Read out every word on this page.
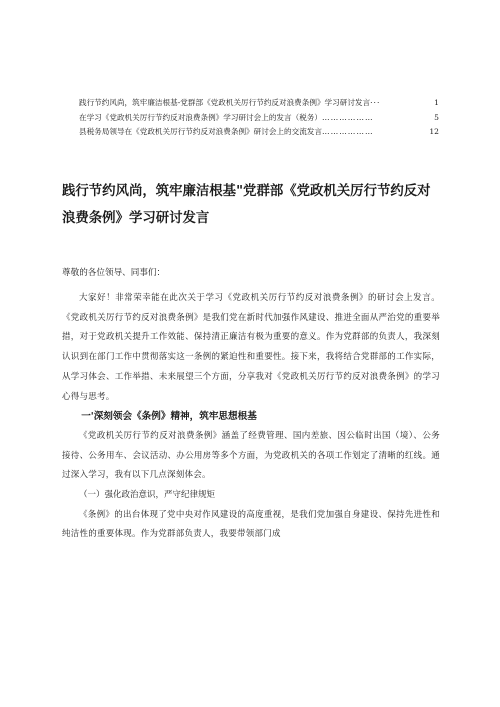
践行节约风尚，筑牢廉洁根基-党群部《党政机关厉行节约反对浪费条例》学习研讨发言 ···	1
在学习《党政机关厉行节约反对浪费条例》学习研讨会上的发言（税务） ………………	5
县税务局领导在《党政机关厉行节约反对浪费条例》研讨会上的交流发言 ………………	12
践行节约风尚，筑牢廉洁根基"党群部《党政机关厉行节约反对浪费条例》学习研讨发言
尊敬的各位领导、同事们：

大家好！非常荣幸能在此次关于学习《党政机关厉行节约反对浪费条例》的研讨会上发言。《党政机关厉行节约反对浪费条例》是我们党在新时代加强作风建设、推进全面从严治党的重要举措，对于党政机关提升工作效能、保持清正廉洁有极为重要的意义。作为党群部的负责人，我深刻认识到在部门工作中贯彻落实这一条例的紧迫性和重要性。接下来，我将结合党群部的工作实际，从学习体会、工作举措、未来展望三个方面，分享我对《党政机关厉行节约反对浪费条例》的学习心得与思考。

一'深刻领会《条例》精神，筑牢思想根基

《党政机关厉行节约反对浪费条例》涵盖了经费管理、国内差旅、因公临时出国（境）、公务接待、公务用车、会议活动、办公用房等多个方面，为党政机关的各项工作划定了清晰的红线。通过深入学习，我有以下几点深刻体会。

（一）强化政治意识，严守纪律规矩

《条例》的出台体现了党中央对作风建设的高度重视，是我们党加强自身建设、保持先进性和纯洁性的重要体现。作为党群部负责人，我要带领部门成
